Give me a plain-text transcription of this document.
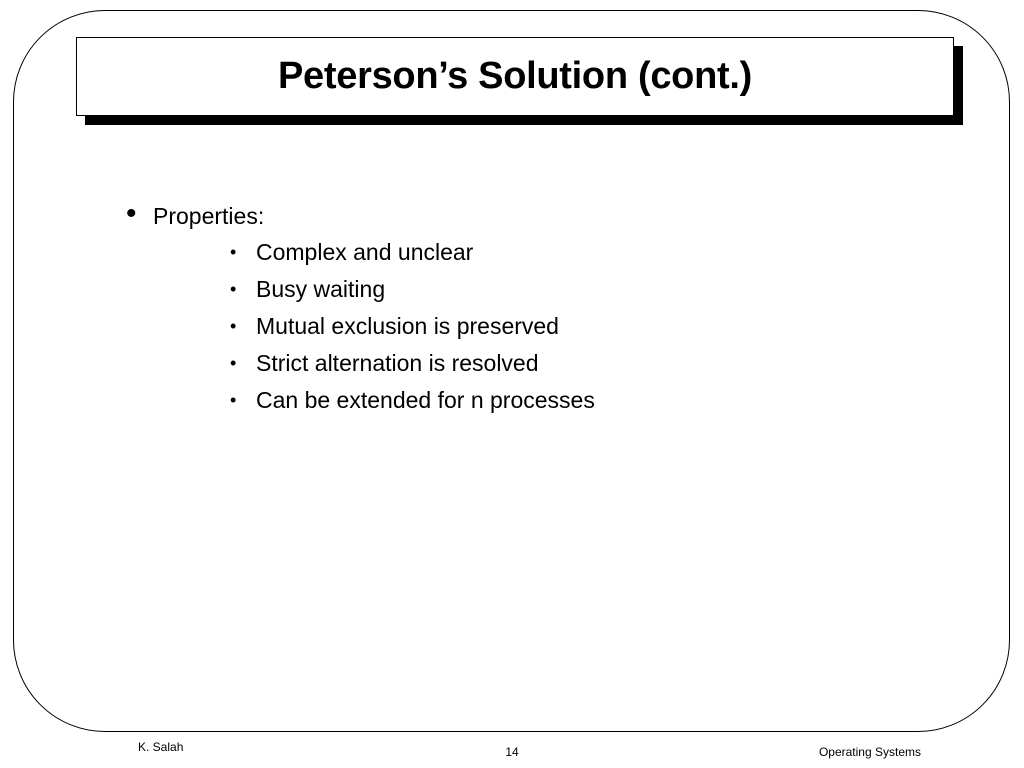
Peterson’s Solution (cont.)
• Properties:
• Complex and unclear
• Busy waiting
• Mutual exclusion is preserved
• Strict alternation is resolved
• Can be extended for n processes
K. Salah	14	Operating Systems
